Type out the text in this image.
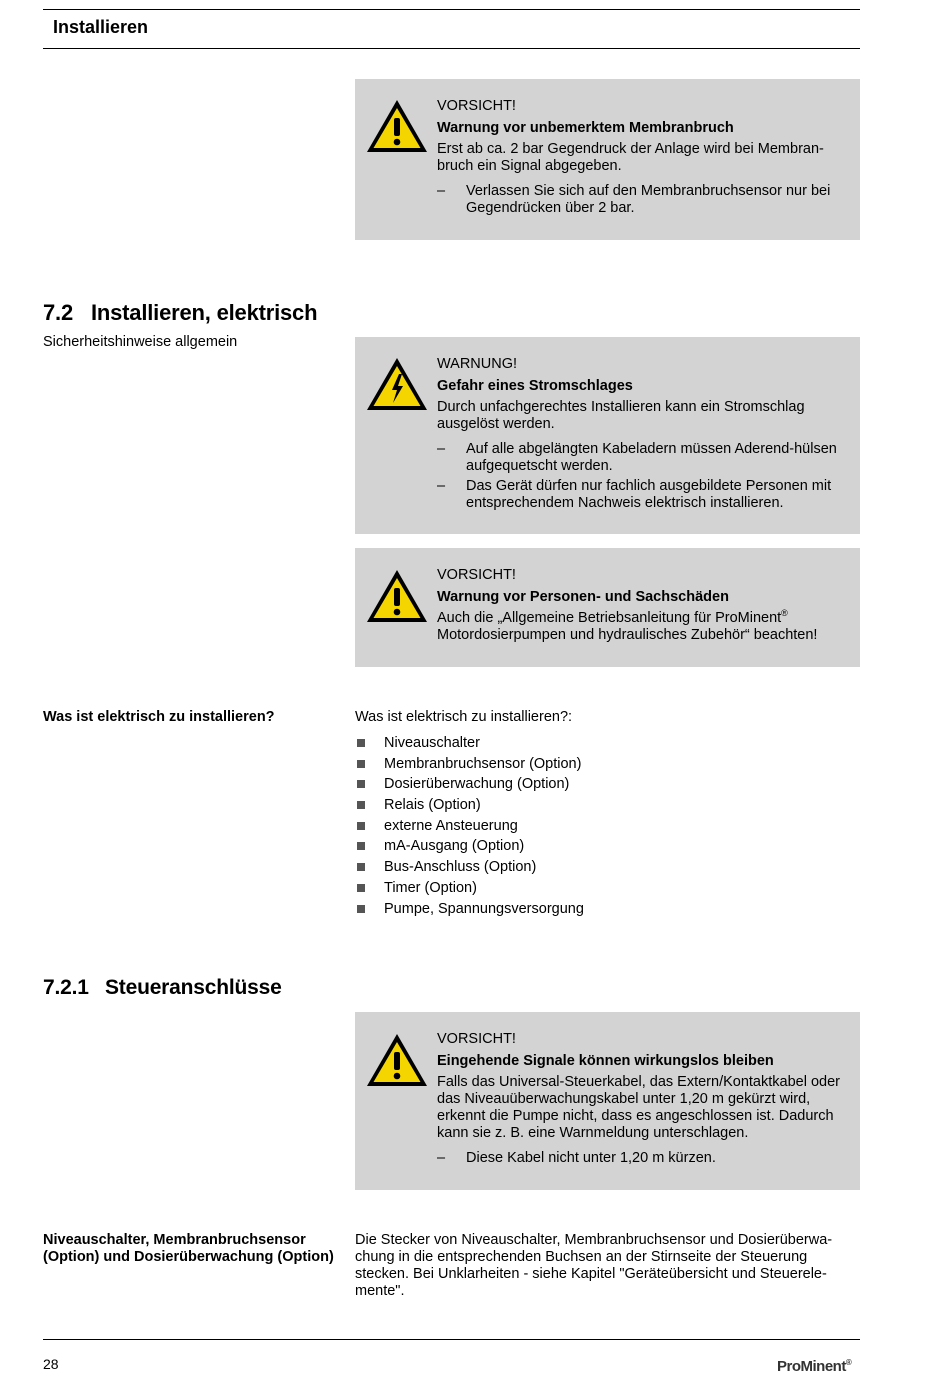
Installieren
VORSICHT!
Warnung vor unbemerktem Membranbruch
Erst ab ca. 2 bar Gegendruck der Anlage wird bei Membran-bruch ein Signal abgegeben.
– Verlassen Sie sich auf den Membranbruchsensor nur bei Gegendrücken über 2 bar.
7.2 Installieren, elektrisch
Sicherheitshinweise allgemein
WARNUNG!
Gefahr eines Stromschlages
Durch unfachgerechtes Installieren kann ein Stromschlag ausgelöst werden.
– Auf alle abgelängten Kabeladern müssen Aderend-hülsen aufgequetscht werden.
– Das Gerät dürfen nur fachlich ausgebildete Personen mit entsprechendem Nachweis elektrisch installieren.
VORSICHT!
Warnung vor Personen- und Sachschäden
Auch die „Allgemeine Betriebsanleitung für ProMinent® Motordosierpumpen und hydraulisches Zubehör“ beachten!
Was ist elektrisch zu installieren?	Was ist elektrisch zu installieren?:
Niveauschalter
Membranbruchsensor (Option)
Dosierüberwachung (Option)
Relais (Option)
externe Ansteuerung
mA-Ausgang (Option)
Bus-Anschluss (Option)
Timer (Option)
Pumpe, Spannungsversorgung
7.2.1 Steueranschlüsse
VORSICHT!
Eingehende Signale können wirkungslos bleiben
Falls das Universal-Steuerkabel, das Extern/Kontaktkabel oder das Niveauüberwachungskabel unter 1,20 m gekürzt wird, erkennt die Pumpe nicht, dass es angeschlossen ist. Dadurch kann sie z. B. eine Warnmeldung unterschlagen.
– Diese Kabel nicht unter 1,20 m kürzen.
Niveauschalter, Membranbruchsensor (Option) und Dosierüberwachung (Option)
Die Stecker von Niveauschalter, Membranbruchsensor und Dosierüberwa-chung in die entsprechenden Buchsen an der Stirnseite der Steuerung stecken. Bei Unklarheiten - siehe Kapitel "Geräteübersicht und Steuerele-mente".
28	ProMinent®
